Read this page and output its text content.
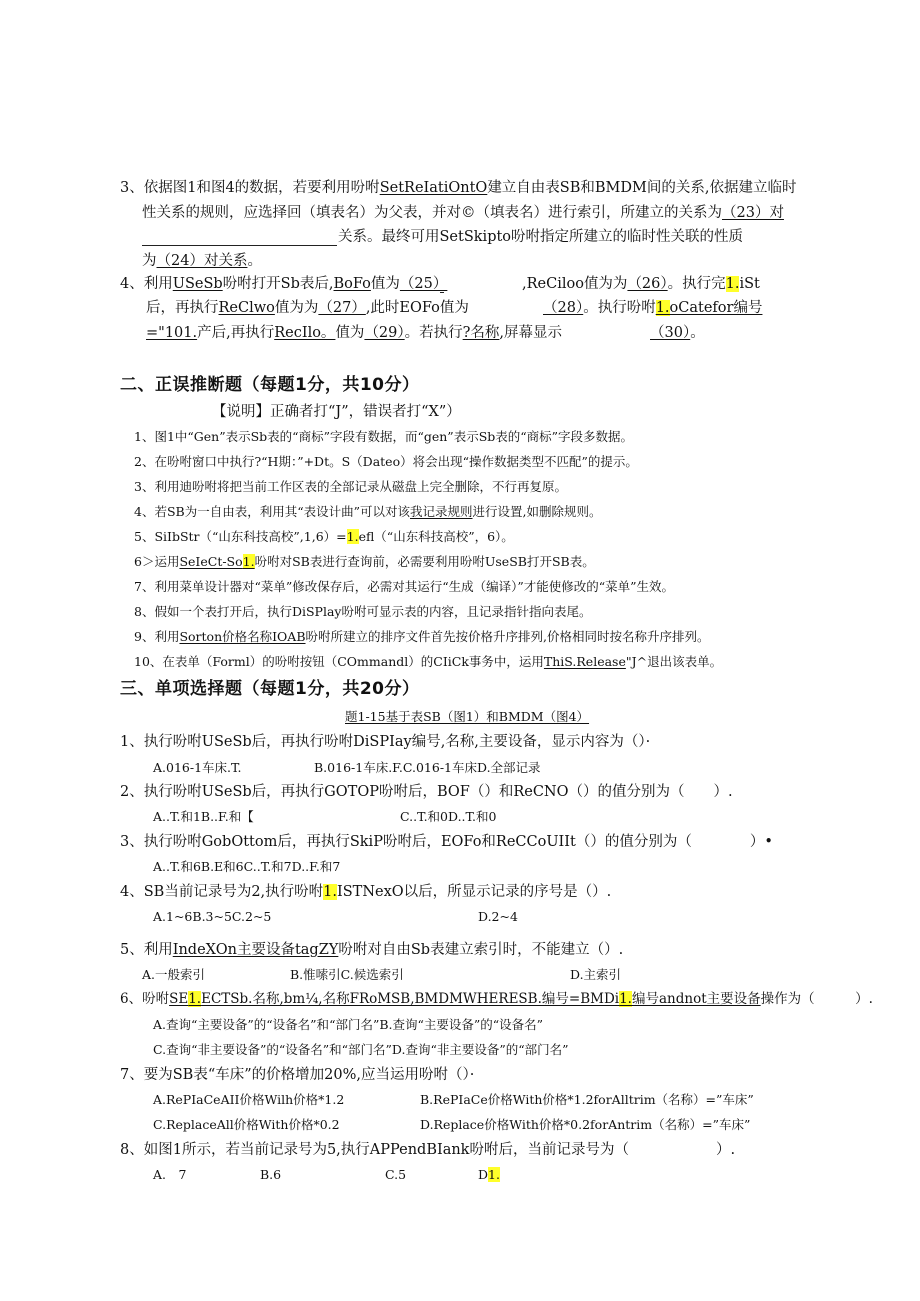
3、依据图1和图4的数据，若要利用吩咐SetReIatiOntO建立自由表SB和BMDM间的关系,依据建立临时
性关系的规则，应选择回（填表名）为父表，并对©（填表名）进行索引，所建立的关系为（23）对
关系。最终可用SetSkipto吩咐指定所建立的临时性关联的性质
为（24）对关系。
4、利用USeSb吩咐打开Sb表后,BoFo值为（25）	,ReCiloo值为为（26）。执行完1.iSt
后，再执行ReClwo值为为（27）,此时EOFo值为	（28）。执行吩咐1.oCatefor编号
="101.产后,再执行RecIlo。值为（29）。若执行?名称,屏幕显示	（30）。
二、正误推断题（每题1分，共10分）
【说明】正确者打“J”，错误者打“X”）
1、图1中“Gen”表示Sb表的“商标”字段有数据，而“gen”表示Sb表的“商标”字段多数据。
2、在吩咐窗口中执行?“H期：”+Dt。S（Dateo）将会出现“操作数据类型不匹配”的提示。
3、利用迪吩咐将把当前工作区表的全部记录从磁盘上完全删除，不行再复原。
4、若SB为一自由表，利用其“表设计曲”可以对该我记录规则进行设置,如删除规则。
5、SiIbStr（“山东科技高校”,1,6）=1.efl（“山东科技高校”，6）。
6＞运用SeIeCt-So1.吩咐对SB表进行查询前，必需要利用吩咐UseSB打开SB表。
7、利用菜单设计器对“菜单”修改保存后，必需对其运行“生成（编译）”才能使修改的“菜单”生效。
8、假如一个表打开后，执行DiSPlay吩咐可显示表的内容，且记录指针指向表尾。
9、利用Sorton价格名称IOAB吩咐所建立的排序文件首先按价格升序排列,价格相同时按名称升序排列。
10、在表单（Forml）的吩咐按钮（COmmandl）的CIiCk事务中，运用ThiS.Release"J^退出该表单。
三、单项选择题（每题1分，共20分）
题1-15基于表SB（图1）和BMDM（图4）
1、执行吩咐USeSb后，再执行吩咐DiSPIay编号,名称,主要设备，显示内容为（）·
A.016-1车床.T.	B.016-1车床.F.C.016-1车床D.全部记录
2、执行吩咐USeSb后，再执行GOTOP吩咐后，BOF（）和ReCNO（）的值分别为（　　）.
A..T.和1B..F.和【	C..T.和0D..T.和0
3、执行吩咐GobOttom后，再执行SkiP吩咐后，EOFo和ReCCoUIIt（）的值分别为（　　　　）•
A..T.和6B.E和6C..T.和7D..F.和7
4、SB当前记录号为2,执行吩咐1.ISTNexO以后，所显示记录的序号是（）.
A.1~6B.3~5C.2~5	D.2~4
5、利用IndeXOn主要设备tagZY吩咐对自由Sb表建立索引时，不能建立（）.
A.一般索引	B.惟嗦引C.候选索引	D.主索引
6、吩咐SE1.ECTSb.名称,bm¼,名称FRoMSB,BMDMWHERESB.编号=BMDi1.编号andnot主要设备操作为（　　　）.
A.查询“主要设备”的“设备名”和“部门名”B.查询“主要设备”的“设备名”
C.查询“非主要设备”的“设备名”和“部门名”D.查询“非主要设备”的“部门名”
7、要为SB表“车床”的价格增加20%,应当运用吩咐（）·
A.RePIaCeAII价格Wilh价格*1.2	B.RePIaCe价格With价格*1.2forAlltrim（名称）=”车床”
C.ReplaceAll价格With价格*0.2	D.Replace价格With价格*0.2forAntrim（名称）=”车床”
8、如图1所示，若当前记录号为5,执行APPendBIank吩咐后，当前记录号为（　　　　　　）.
A.　7	B.6	C.5	D1.
